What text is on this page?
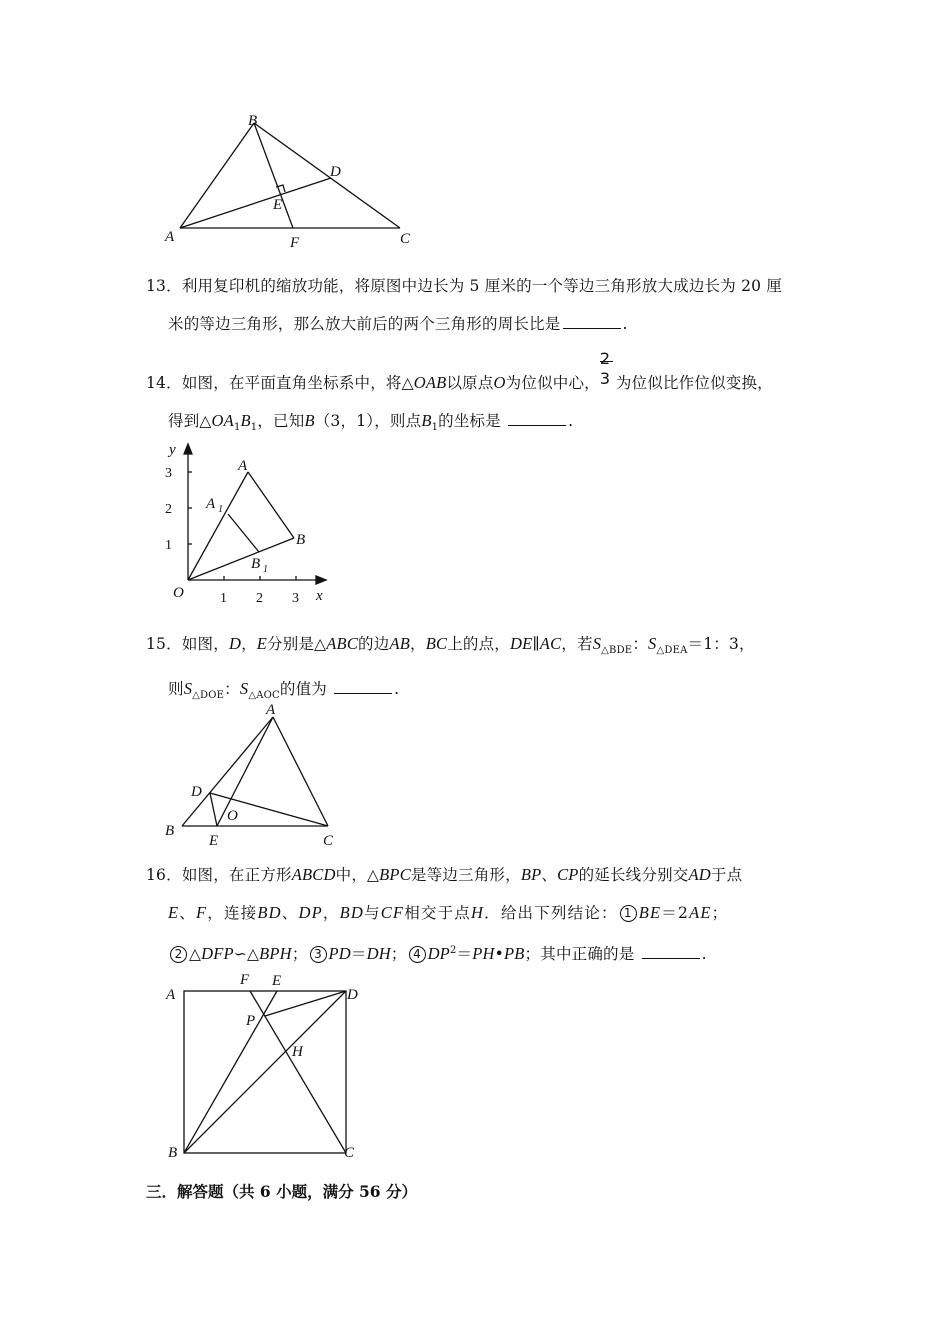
B
D
E
A	F	C
13．利用复印机的缩放功能，将原图中边长为 5 厘米的一个等边三角形放大成边长为 20 厘
米的等边三角形，那么放大前后的两个三角形的周长比是	.
14．如图，在平面直角坐标系中，将△OAB以原点O为位似中心，
2
3 为位似比作位似变换，
得到$\triangle OA_1B_1$，已知B（3，1），则点$B_1$的坐标是	.
y
3
2
1
O	1 2 3 x
A
A 1
B
B 1
15．如图，D，E分别是△ABC的边AB，BC上的点，DE∥AC，若$S_{\triangle BDE}$：$S_{\triangle DEA}=1$：3，
则$S_{\triangle DOE}$：$S_{\triangle AOC}$的值为	.
A
D
O
B
E	C
16．如图，在正方形ABCD中，△BPC是等边三角形，BP、CP的延长线分别交AD于点
E、F，连接BD、DP，BD与CF相交于点H．给出下列结论： 1 BE＝2AE；
2 △DFP∽△BPH； 3 PD＝DH； 4 $DP^2=PH•PB$；其中正确的是	.
A
F E
D
P
H
B	C
三．解答题（共 6 小题，满分 56 分）
